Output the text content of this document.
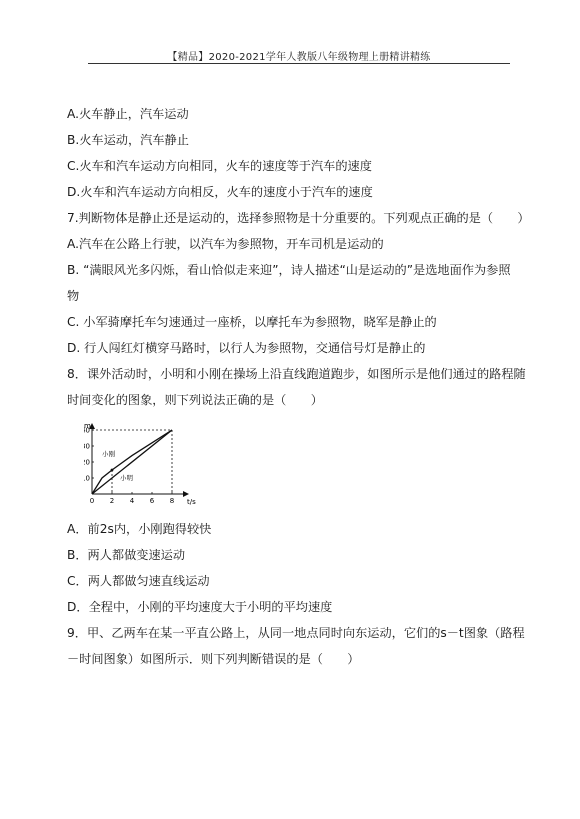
【精品】2020-2021学年人教版八年级物理上册精讲精练
A.火车静止，汽车运动
B.火车运动，汽车静止
C.火车和汽车运动方向相同，火车的速度等于汽车的速度
D.火车和汽车运动方向相反，火车的速度小于汽车的速度
7.判断物体是静止还是运动的，选择参照物是十分重要的。下列观点正确的是（　　）
A.汽车在公路上行驶，以汽车为参照物，开车司机是运动的
B. “满眼风光多闪烁，看山恰似走来迎”，诗人描述“山是运动的”是选地面作为参照
物
C. 小军骑摩托车匀速通过一座桥，以摩托车为参照物，晓军是静止的
D. 行人闯红灯横穿马路时，以行人为参照物，交通信号灯是静止的
8．课外活动时，小明和小刚在操场上沿直线跑道跑步，如图所示是他们通过的路程随
时间变化的图象，则下列说法正确的是（　　）
0
0
0
0
0 2 4 6 8
m
t/s
小刚
小明
A．前2s内，小刚跑得较快
B．两人都做变速运动
C．两人都做匀速直线运动
D．全程中，小刚的平均速度大于小明的平均速度
9．甲、乙两车在某一平直公路上，从同一地点同时向东运动，它们的s－t图象（路程
－时间图象）如图所示．则下列判断错误的是（　　）
